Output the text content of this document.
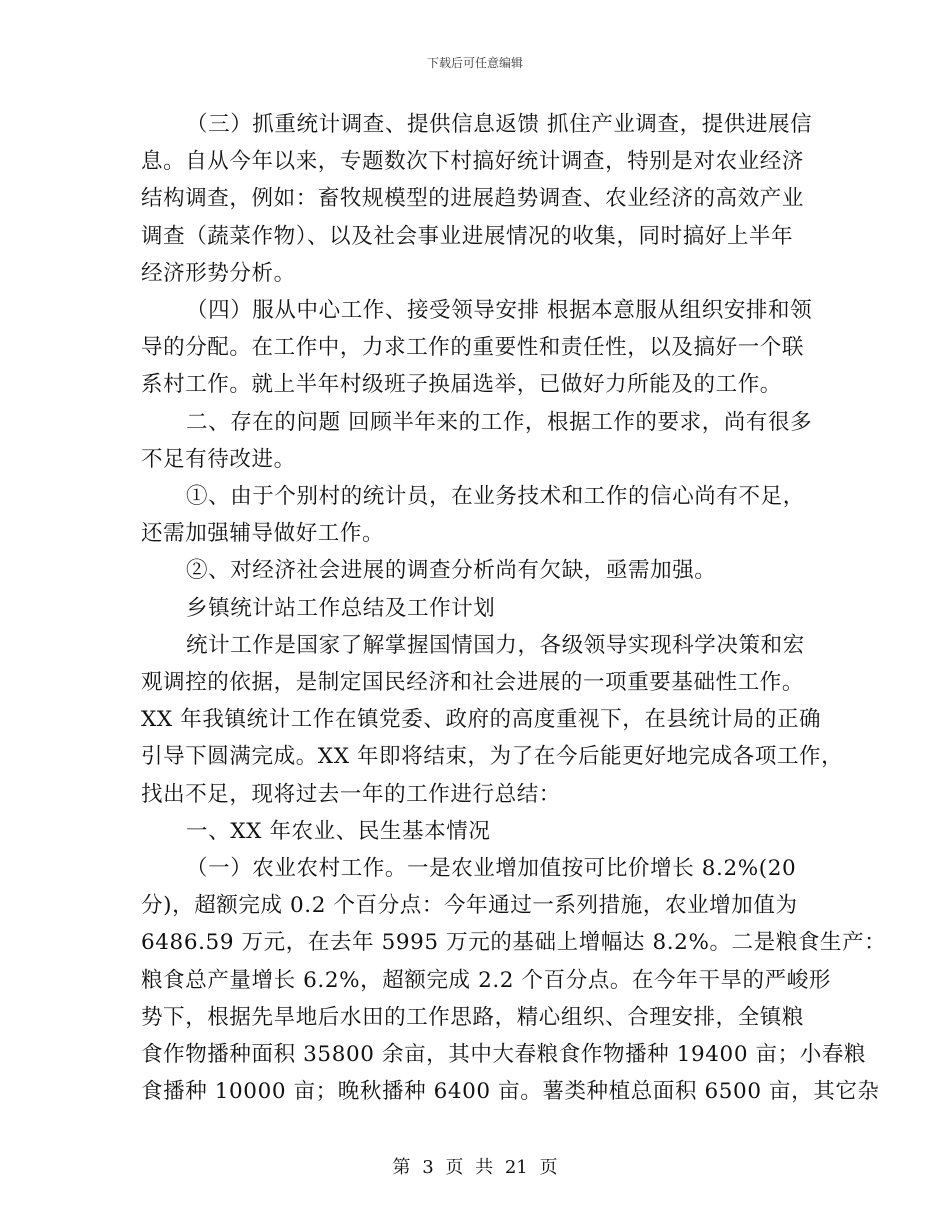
下载后可任意编辑
（三）抓重统计调查、提供信息返馈 抓住产业调查，提供进展信
息。自从今年以来，专题数次下村搞好统计调查，特别是对农业经济
结构调查，例如：畜牧规模型的进展趋势调查、农业经济的高效产业
调查（蔬菜作物）、以及社会事业进展情况的收集，同时搞好上半年
经济形势分析。
（四）服从中心工作、接受领导安排 根据本意服从组织安排和领
导的分配。在工作中，力求工作的重要性和责任性，以及搞好一个联
系村工作。就上半年村级班子换届选举，已做好力所能及的工作。
二、存在的问题 回顾半年来的工作，根据工作的要求，尚有很多
不足有待改进。
①、由于个别村的统计员，在业务技术和工作的信心尚有不足，
还需加强辅导做好工作。
②、对经济社会进展的调查分析尚有欠缺，亟需加强。
乡镇统计站工作总结及工作计划
统计工作是国家了解掌握国情国力，各级领导实现科学决策和宏
观调控的依据，是制定国民经济和社会进展的一项重要基础性工作。
XX 年我镇统计工作在镇党委、政府的高度重视下，在县统计局的正确
引导下圆满完成。XX 年即将结束，为了在今后能更好地完成各项工作，
找出不足，现将过去一年的工作进行总结：
一、XX 年农业、民生基本情况
（一）农业农村工作。一是农业增加值按可比价增长 8.2%(20
分)，超额完成 0.2 个百分点：今年通过一系列措施，农业增加值为
6486.59 万元，在去年 5995 万元的基础上增幅达 8.2%。二是粮食生产：
粮食总产量增长 6.2%，超额完成 2.2 个百分点。在今年干旱的严峻形
势下，根据先旱地后水田的工作思路，精心组织、合理安排，全镇粮
食作物播种面积 35800 余亩，其中大春粮食作物播种 19400 亩；小春粮
食播种 10000 亩；晚秋播种 6400 亩。薯类种植总面积 6500 亩，其它杂
第 3 页 共 21 页
